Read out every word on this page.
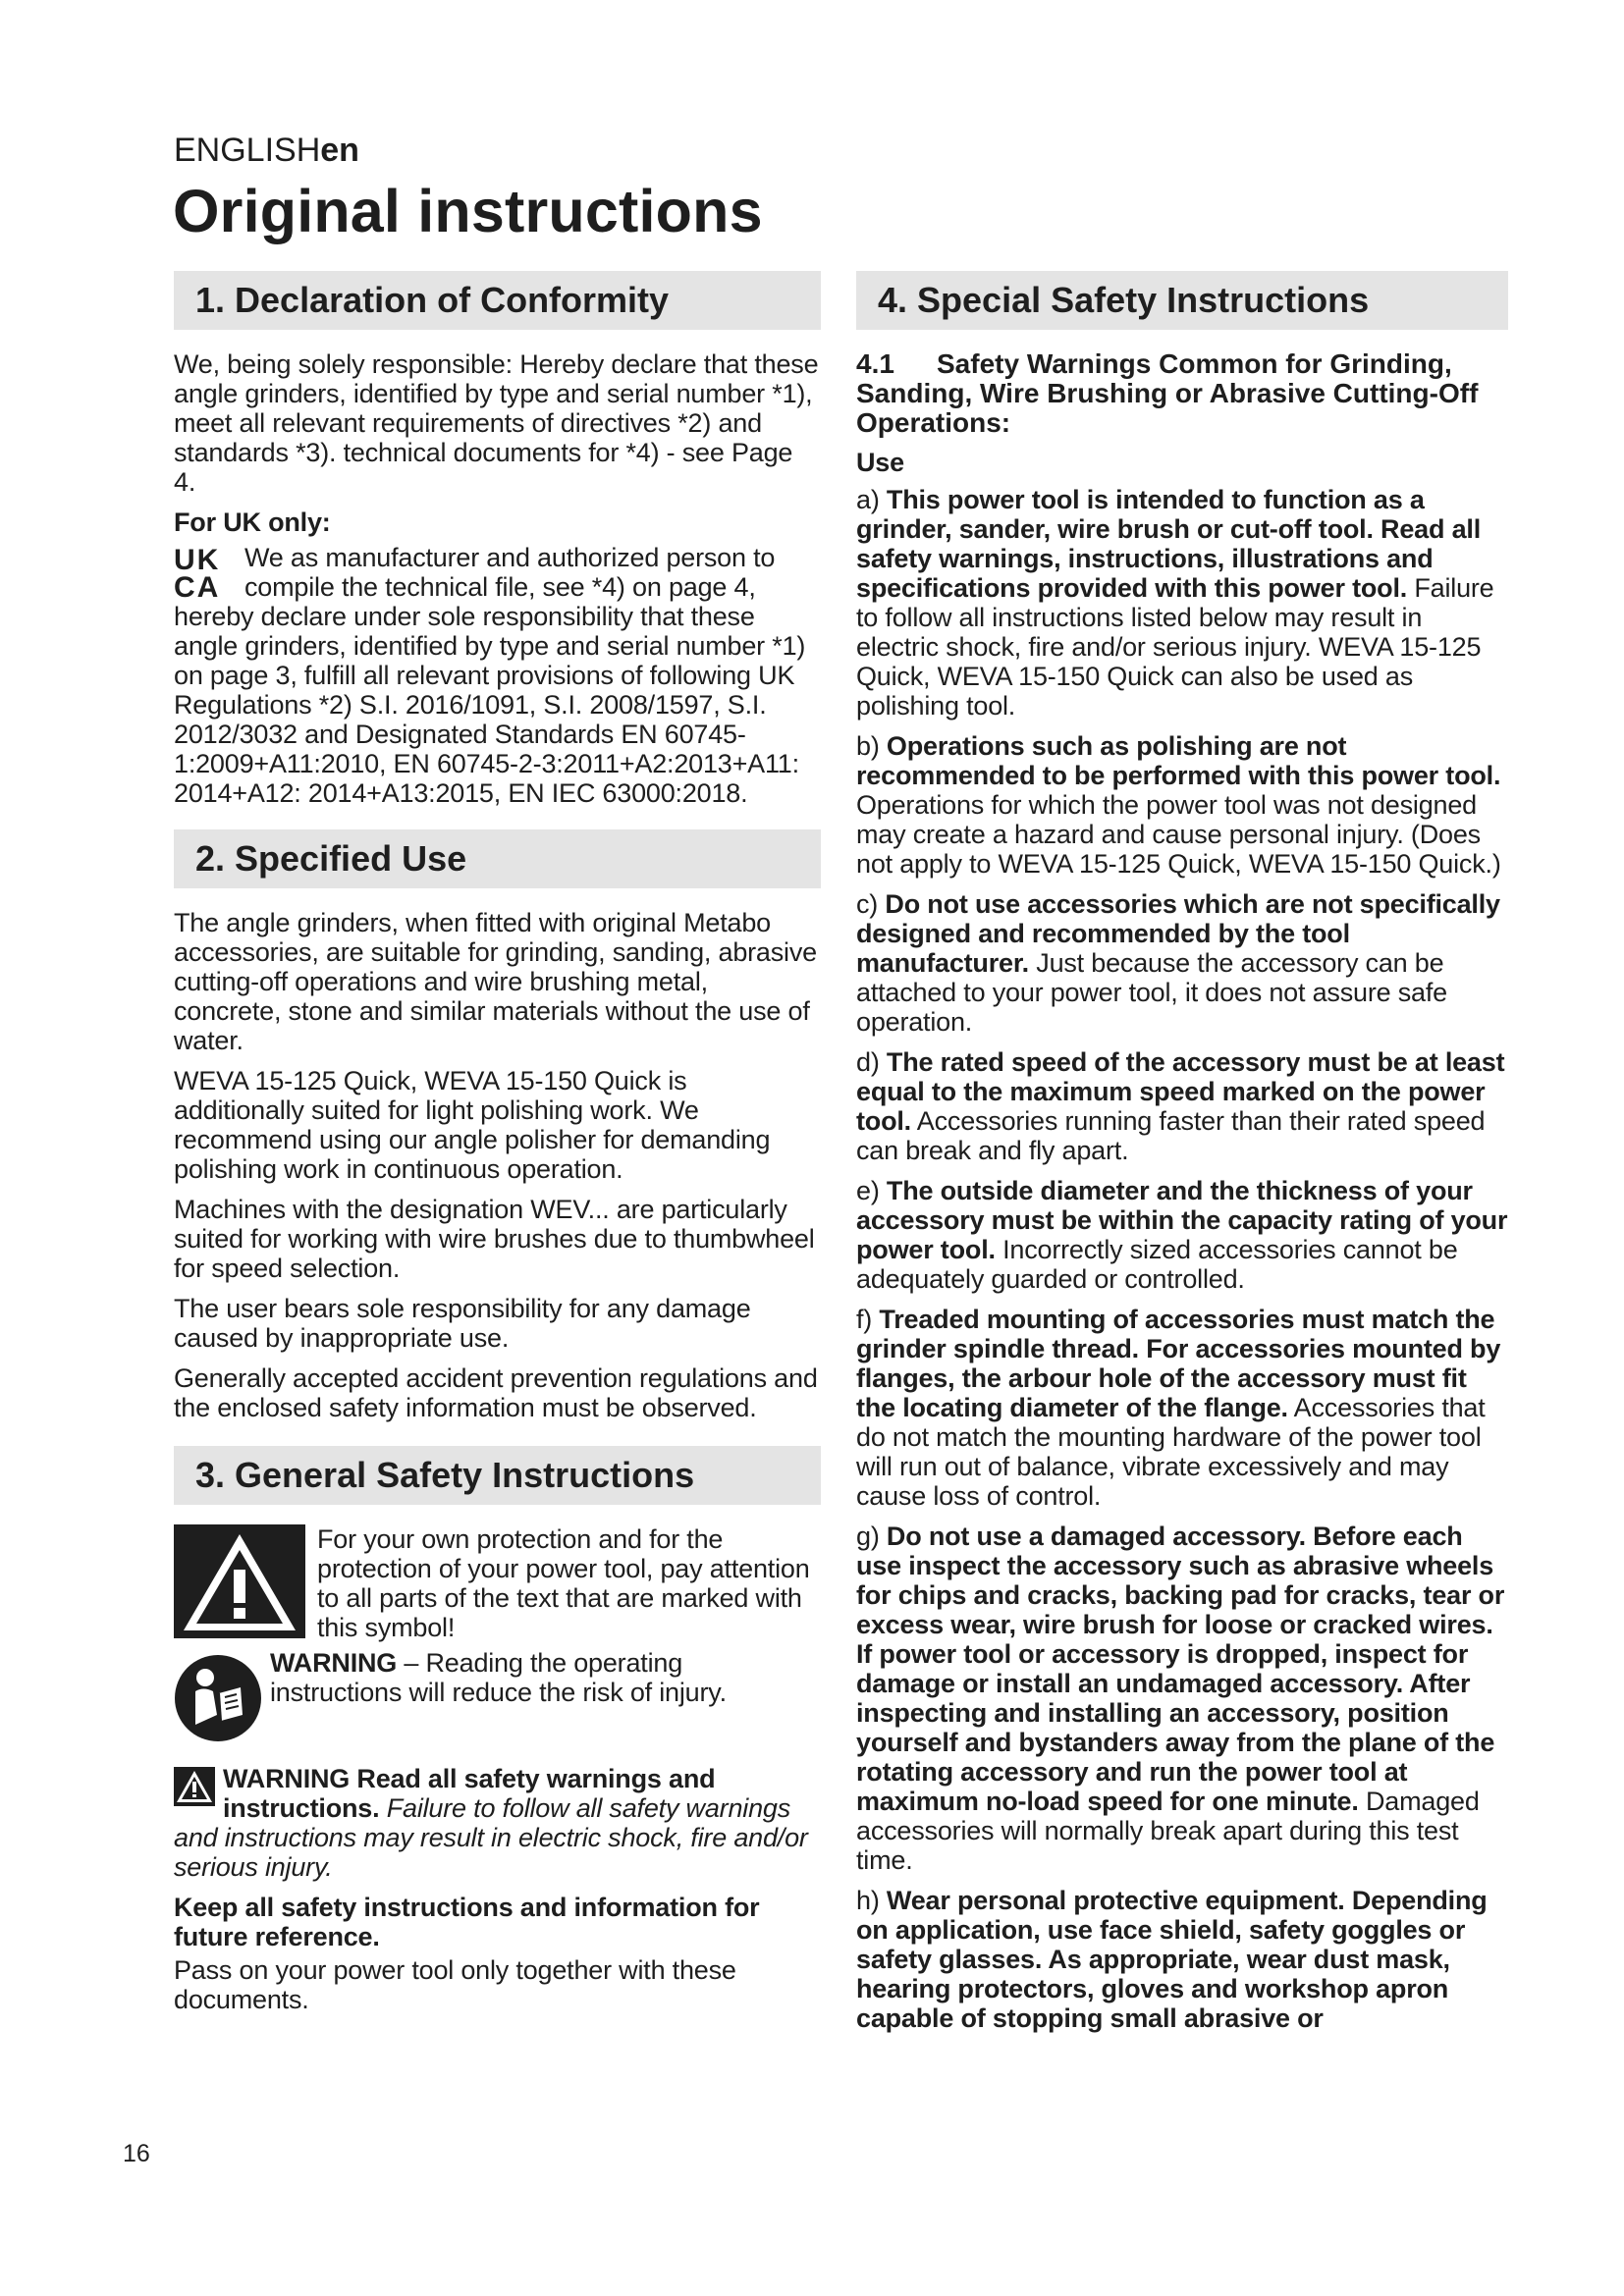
ENGLISHen
Original instructions
1. Declaration of Conformity

We, being solely responsible: Hereby declare that these angle grinders, identified by type and serial number *1), meet all relevant requirements of directives *2) and standards *3). technical documents for *4) - see Page 4.

For UK only:

UK
CA

We as manufacturer and authorized person to compile the technical file, see *4) on page 4, hereby declare under sole responsibility that these angle grinders, identified by type and serial number *1) on page 3, fulfill all relevant provisions of following UK Regulations *2) S.I. 2016/1091, S.I. 2008/1597, S.I. 2012/3032 and Designated Standards EN 60745-1:2009+A11:2010, EN 60745-2-3:2011+A2:2013+A11: 2014+A12: 2014+A13:2015, EN IEC 63000:2018.

2. Specified Use

The angle grinders, when fitted with original Metabo accessories, are suitable for grinding, sanding, abrasive cutting-off operations and wire brushing metal, concrete, stone and similar materials without the use of water.

WEVA 15-125 Quick, WEVA 15-150 Quick is additionally suited for light polishing work. We recommend using our angle polisher for demanding polishing work in continuous operation.

Machines with the designation WEV... are particularly suited for working with wire brushes due to thumbwheel for speed selection.

The user bears sole responsibility for any damage caused by inappropriate use.

Generally accepted accident prevention regulations and the enclosed safety information must be observed.

3. General Safety Instructions

For your own protection and for the protection of your power tool, pay attention to all parts of the text that are marked with this symbol!

WARNING – Reading the operating instructions will reduce the risk of injury.

WARNING Read all safety warnings and instructions. Failure to follow all safety warnings and instructions may result in electric shock, fire and/or serious injury.

Keep all safety instructions and information for future reference.

Pass on your power tool only together with these documents.

4. Special Safety Instructions
4.1 Safety Warnings Common for Grinding, Sanding, Wire Brushing or Abrasive Cutting-Off Operations:

Use

a) This power tool is intended to function as a grinder, sander, wire brush or cut-off tool. Read all safety warnings, instructions, illustrations and specifications provided with this power tool. Failure to follow all instructions listed below may result in electric shock, fire and/or serious injury. WEVA 15-125 Quick, WEVA 15-150 Quick can also be used as polishing tool.

b) Operations such as polishing are not recommended to be performed with this power tool. Operations for which the power tool was not designed may create a hazard and cause personal injury. (Does not apply to WEVA 15-125 Quick, WEVA 15-150 Quick.)

c) Do not use accessories which are not specifically designed and recommended by the tool manufacturer. Just because the accessory can be attached to your power tool, it does not assure safe operation.

d) The rated speed of the accessory must be at least equal to the maximum speed marked on the power tool. Accessories running faster than their rated speed can break and fly apart.

e) The outside diameter and the thickness of your accessory must be within the capacity rating of your power tool. Incorrectly sized accessories cannot be adequately guarded or controlled.

f) Treaded mounting of accessories must match the grinder spindle thread. For accessories mounted by flanges, the arbour hole of the accessory must fit the locating diameter of the flange. Accessories that do not match the mounting hardware of the power tool will run out of balance, vibrate excessively and may cause loss of control.

g) Do not use a damaged accessory. Before each use inspect the accessory such as abrasive wheels for chips and cracks, backing pad for cracks, tear or excess wear, wire brush for loose or cracked wires. If power tool or accessory is dropped, inspect for damage or install an undamaged accessory. After inspecting and installing an accessory, position yourself and bystanders away from the plane of the rotating accessory and run the power tool at maximum no-load speed for one minute. Damaged accessories will normally break apart during this test time.

h) Wear personal protective equipment. Depending on application, use face shield, safety goggles or safety glasses. As appropriate, wear dust mask, hearing protectors, gloves and workshop apron capable of stopping small abrasive or

16
